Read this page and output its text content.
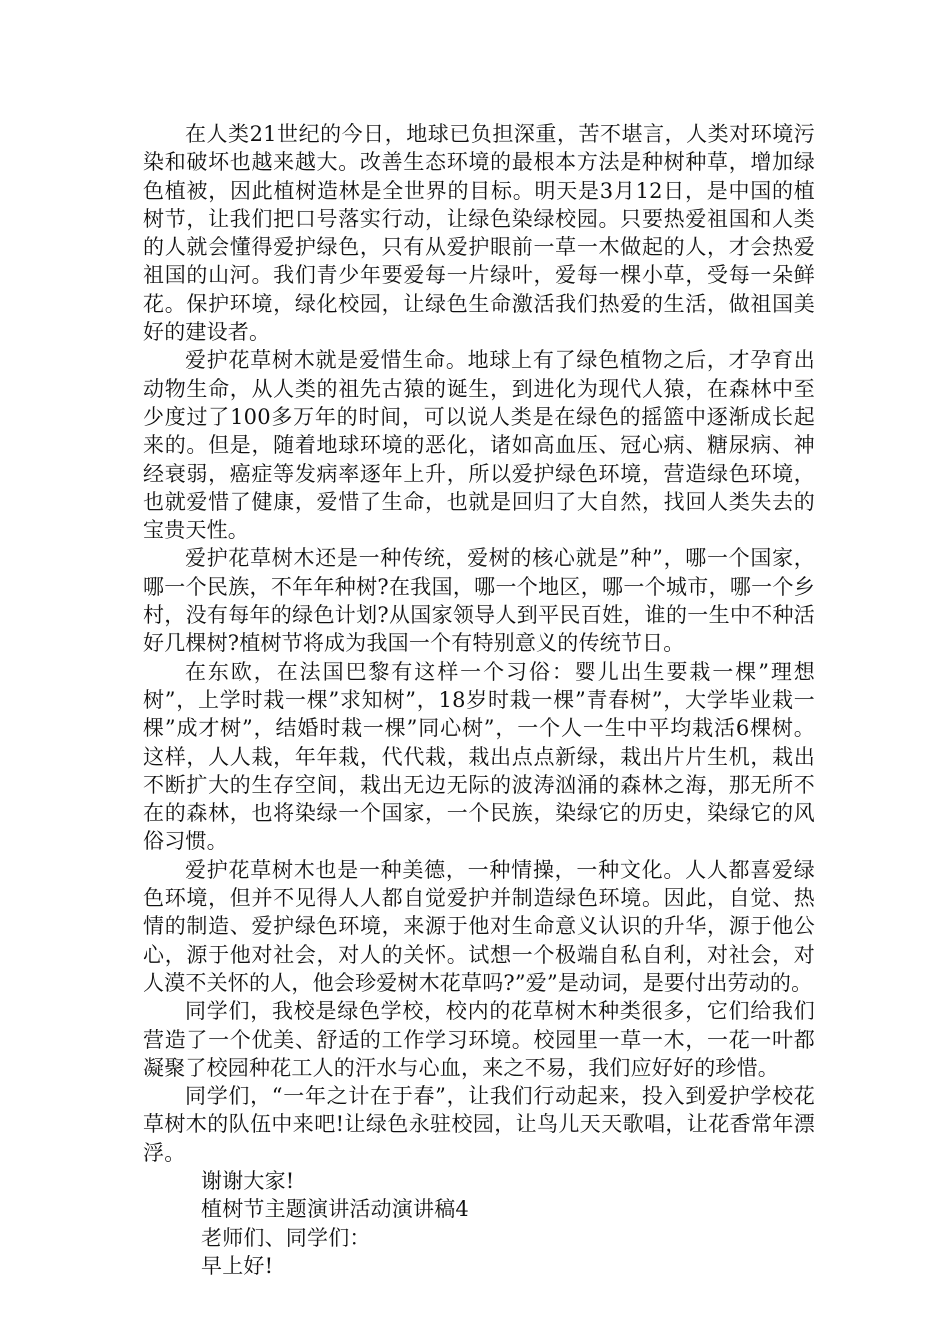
在人类21世纪的今日，地球已负担深重，苦不堪言，人类对环境污染和破坏也越来越大。改善生态环境的最根本方法是种树种草，增加绿色植被，因此植树造林是全世界的目标。明天是3月12日，是中国的植树节，让我们把口号落实行动，让绿色染绿校园。只要热爱祖国和人类的人就会懂得爱护绿色，只有从爱护眼前一草一木做起的人，才会热爱祖国的山河。我们青少年要爱每一片绿叶，爱每一棵小草，受每一朵鲜花。保护环境，绿化校园，让绿色生命激活我们热爱的生活，做祖国美好的建设者。

爱护花草树木就是爱惜生命。地球上有了绿色植物之后，才孕育出动物生命，从人类的祖先古猿的诞生，到进化为现代人猿，在森林中至少度过了100多万年的时间，可以说人类是在绿色的摇篮中逐渐成长起来的。但是，随着地球环境的恶化，诸如高血压、冠心病、糖尿病、神经衰弱，癌症等发病率逐年上升，所以爱护绿色环境，营造绿色环境，也就爱惜了健康，爱惜了生命，也就是回归了大自然，找回人类失去的宝贵天性。

爱护花草树木还是一种传统，爱树的核心就是”种”，哪一个国家，哪一个民族，不年年种树?在我国，哪一个地区，哪一个城市，哪一个乡村，没有每年的绿色计划?从国家领导人到平民百姓，谁的一生中不种活好几棵树?植树节将成为我国一个有特别意义的传统节日。

在东欧，在法国巴黎有这样一个习俗：婴儿出生要栽一棵”理想树”，上学时栽一棵”求知树”，18岁时栽一棵”青春树”，大学毕业栽一棵”成才树”，结婚时栽一棵”同心树”，一个人一生中平均栽活6棵树。这样，人人栽，年年栽，代代栽，栽出点点新绿，栽出片片生机，栽出不断扩大的生存空间，栽出无边无际的波涛汹涌的森林之海，那无所不在的森林，也将染绿一个国家，一个民族，染绿它的历史，染绿它的风俗习惯。

爱护花草树木也是一种美德，一种情操，一种文化。人人都喜爱绿色环境，但并不见得人人都自觉爱护并制造绿色环境。因此，自觉、热情的制造、爱护绿色环境，来源于他对生命意义认识的升华，源于他公心，源于他对社会，对人的关怀。试想一个极端自私自利，对社会，对人漠不关怀的人，他会珍爱树木花草吗?”爱”是动词，是要付出劳动的。

同学们，我校是绿色学校，校内的花草树木种类很多，它们给我们营造了一个优美、舒适的工作学习环境。校园里一草一木，一花一叶都凝聚了校园种花工人的汗水与心血，来之不易，我们应好好的珍惜。

同学们，“一年之计在于春”，让我们行动起来，投入到爱护学校花草树木的队伍中来吧!让绿色永驻校园，让鸟儿天天歌唱，让花香常年漂浮。

谢谢大家!

植树节主题演讲活动演讲稿4

老师们、同学们：

早上好!
